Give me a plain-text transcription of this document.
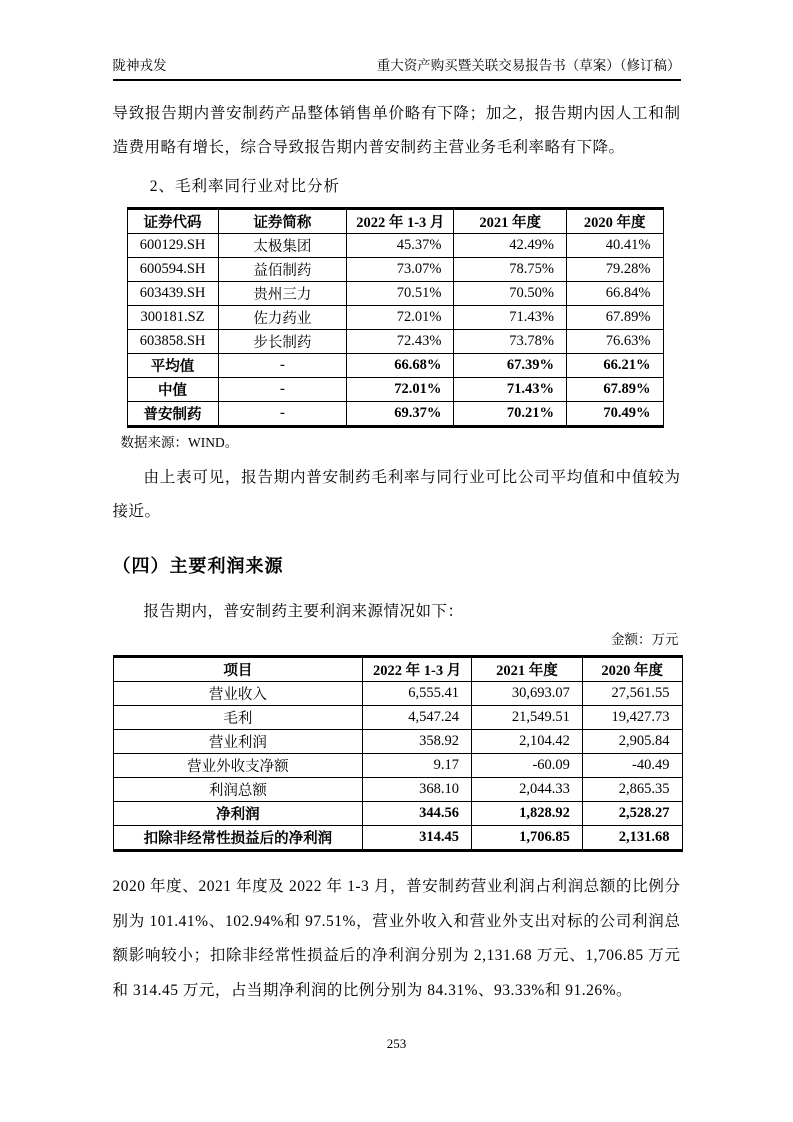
陇神戎发	重大资产购买暨关联交易报告书（草案）（修订稿）

导致报告期内普安制药产品整体销售单价略有下降；加之，报告期内因人工和制造费用略有增长，综合导致报告期内普安制药主营业务毛利率略有下降。

2、毛利率同行业对比分析
证券代码	证券简称	2022 年 1-3 月	2021 年度	2020 年度
600129.SH	太极集团	45.37%	42.49%	40.41%
600594.SH	益佰制药	73.07%	78.75%	79.28%
603439.SH	贵州三力	70.51%	70.50%	66.84%
300181.SZ	佐力药业	72.01%	71.43%	67.89%
603858.SH	步长制药	72.43%	73.78%	76.63%
平均值	-	66.68%	67.39%	66.21%
中值	-	72.01%	71.43%	67.89%
普安制药	-	69.37%	70.21%	70.49%
数据来源：WIND。

由上表可见，报告期内普安制药毛利率与同行业可比公司平均值和中值较为接近。

（四）主要利润来源

报告期内，普安制药主要利润来源情况如下：

金额：万元
项目	2022 年 1-3 月	2021 年度	2020 年度
营业收入	6,555.41	30,693.07	27,561.55
毛利	4,547.24	21,549.51	19,427.73
营业利润	358.92	2,104.42	2,905.84
营业外收支净额	9.17	-60.09	-40.49
利润总额	368.10	2,044.33	2,865.35
净利润	344.56	1,828.92	2,528.27
扣除非经常性损益后的净利润	314.45	1,706.85	2,131.68

2020 年度、2021 年度及 2022 年 1-3 月，普安制药营业利润占利润总额的比例分别为 101.41%、102.94%和 97.51%，营业外收入和营业外支出对标的公司利润总额影响较小；扣除非经常性损益后的净利润分别为 2,131.68 万元、1,706.85 万元和 314.45 万元，占当期净利润的比例分别为 84.31%、93.33%和 91.26%。

253
